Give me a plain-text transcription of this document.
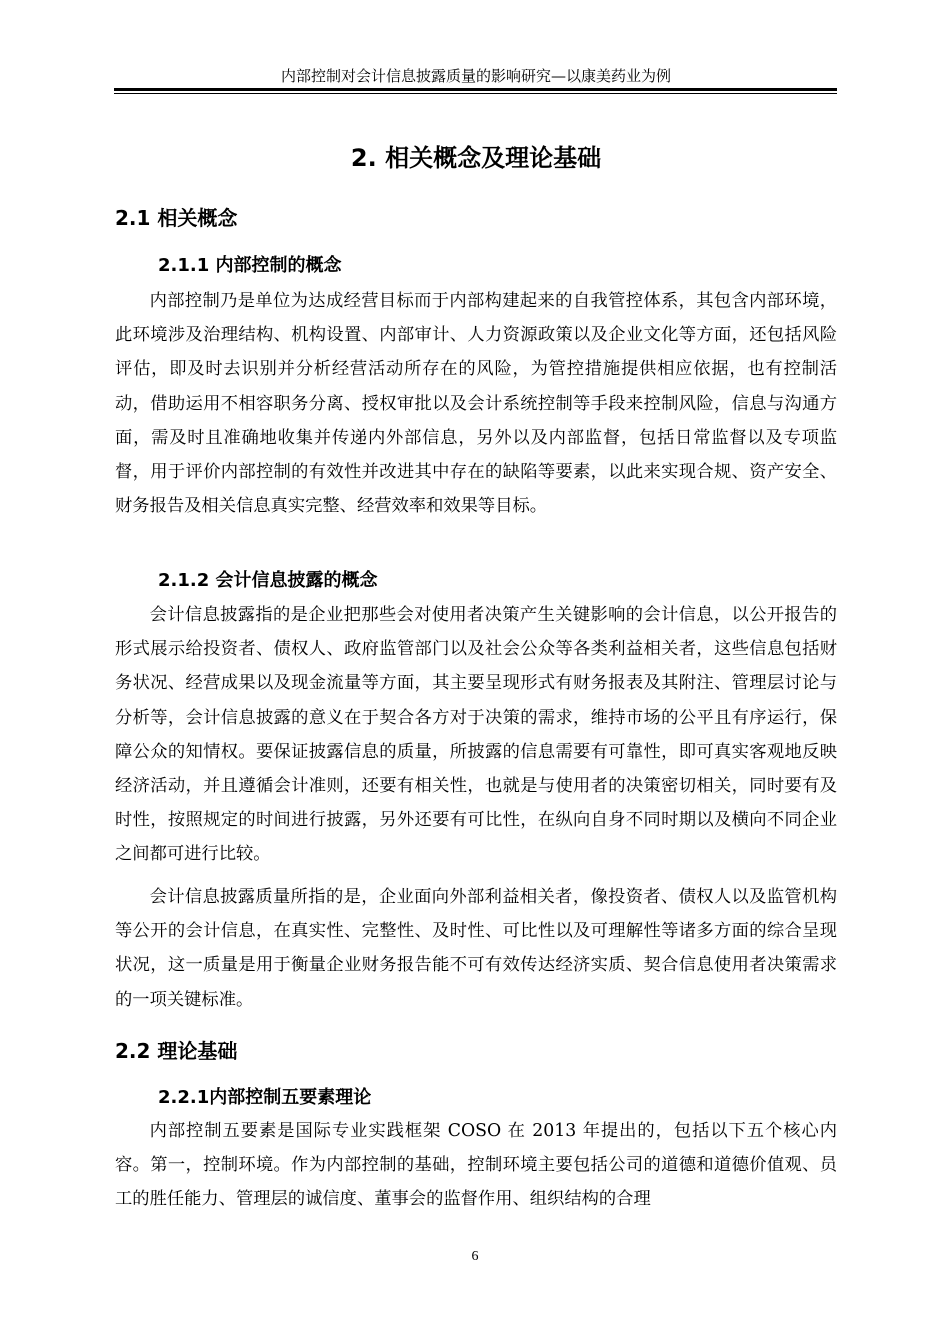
内部控制对会计信息披露质量的影响研究—以康美药业为例
2. 相关概念及理论基础
2.1 相关概念
2.1.1 内部控制的概念

内部控制乃是单位为达成经营目标而于内部构建起来的自我管控体系，其包含内部环境，此环境涉及治理结构、机构设置、内部审计、人力资源政策以及企业文化等方面，还包括风险评估，即及时去识别并分析经营活动所存在的风险，为管控措施提供相应依据，也有控制活动，借助运用不相容职务分离、授权审批以及会计系统控制等手段来控制风险，信息与沟通方面，需及时且准确地收集并传递内外部信息，另外以及内部监督，包括日常监督以及专项监督，用于评价内部控制的有效性并改进其中存在的缺陷等要素，以此来实现合规、资产安全、财务报告及相关信息真实完整、经营效率和效果等目标。

2.1.2 会计信息披露的概念

会计信息披露指的是企业把那些会对使用者决策产生关键影响的会计信息，以公开报告的形式展示给投资者、债权人、政府监管部门以及社会公众等各类利益相关者，这些信息包括财务状况、经营成果以及现金流量等方面，其主要呈现形式有财务报表及其附注、管理层讨论与分析等，会计信息披露的意义在于契合各方对于决策的需求，维持市场的公平且有序运行，保障公众的知情权。要保证披露信息的质量，所披露的信息需要有可靠性，即可真实客观地反映经济活动，并且遵循会计准则，还要有相关性，也就是与使用者的决策密切相关，同时要有及时性，按照规定的时间进行披露，另外还要有可比性，在纵向自身不同时期以及横向不同企业之间都可进行比较。

会计信息披露质量所指的是，企业面向外部利益相关者，像投资者、债权人以及监管机构等公开的会计信息，在真实性、完整性、及时性、可比性以及可理解性等诸多方面的综合呈现状况，这一质量是用于衡量企业财务报告能不可有效传达经济实质、契合信息使用者决策需求的一项关键标准。

2.2 理论基础
2.2.1内部控制五要素理论

内部控制五要素是国际专业实践框架 COSO 在 2013 年提出的，包括以下五个核心内容。第一，控制环境。作为内部控制的基础，控制环境主要包括公司的道德和道德价值观、员工的胜任能力、管理层的诚信度、董事会的监督作用、组织结构的合理

6
